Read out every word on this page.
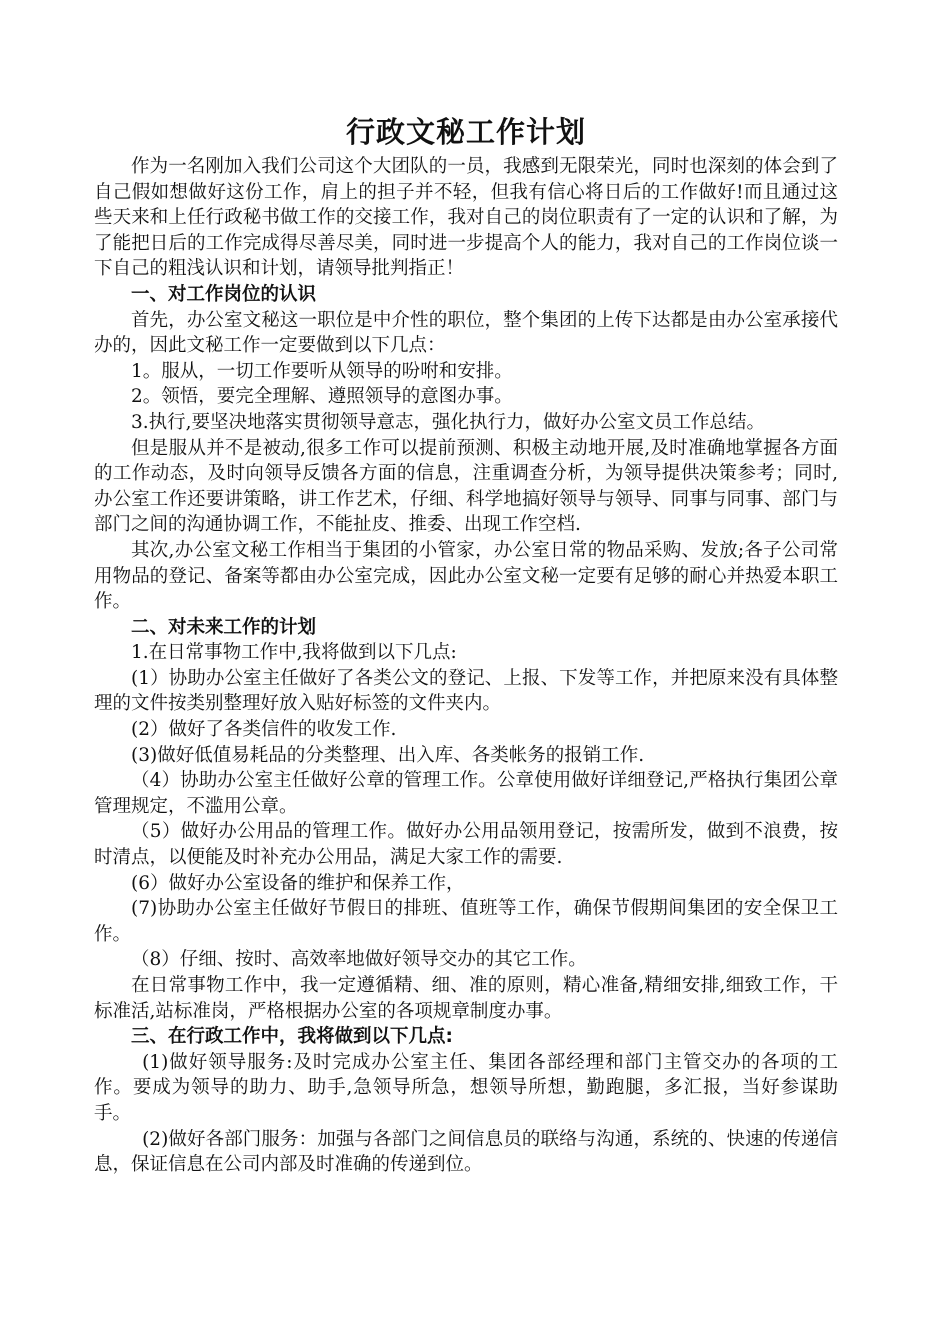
行政文秘工作计划

作为一名刚加入我们公司这个大团队的一员，我感到无限荣光，同时也深刻的体会到了自己假如想做好这份工作，肩上的担子并不轻，但我有信心将日后的工作做好!而且通过这些天来和上任行政秘书做工作的交接工作，我对自己的岗位职责有了一定的认识和了解，为了能把日后的工作完成得尽善尽美，同时进一步提高个人的能力，我对自己的工作岗位谈一下自己的粗浅认识和计划，请领导批判指正！

一、对工作岗位的认识

首先，办公室文秘这一职位是中介性的职位，整个集团的上传下达都是由办公室承接代办的，因此文秘工作一定要做到以下几点：

1。服从，一切工作要听从领导的吩咐和安排。

2。领悟，要完全理解、遵照领导的意图办事。

3.执行,要坚决地落实贯彻领导意志，强化执行力，做好办公室文员工作总结。

但是服从并不是被动,很多工作可以提前预测、积极主动地开展,及时准确地掌握各方面的工作动态，及时向领导反馈各方面的信息，注重调查分析，为领导提供决策参考；同时,办公室工作还要讲策略，讲工作艺术，仔细、科学地搞好领导与领导、同事与同事、部门与部门之间的沟通协调工作，不能扯皮、推委、出现工作空档.

其次,办公室文秘工作相当于集团的小管家，办公室日常的物品采购、发放;各子公司常用物品的登记、备案等都由办公室完成，因此办公室文秘一定要有足够的耐心并热爱本职工作。

二、对未来工作的计划

1.在日常事物工作中,我将做到以下几点:

(1）协助办公室主任做好了各类公文的登记、上报、下发等工作，并把原来没有具体整理的文件按类别整理好放入贴好标签的文件夹内。

(2）做好了各类信件的收发工作.

(3)做好低值易耗品的分类整理、出入库、各类帐务的报销工作.

（4）协助办公室主任做好公章的管理工作。公章使用做好详细登记,严格执行集团公章管理规定，不滥用公章。

（5）做好办公用品的管理工作。做好办公用品领用登记，按需所发，做到不浪费，按时清点，以便能及时补充办公用品，满足大家工作的需要.

(6）做好办公室设备的维护和保养工作，

(7)协助办公室主任做好节假日的排班、值班等工作，确保节假期间集团的安全保卫工作。

（8）仔细、按时、高效率地做好领导交办的其它工作。

在日常事物工作中，我一定遵循精、细、准的原则，精心准备,精细安排,细致工作，干标准活,站标准岗，严格根据办公室的各项规章制度办事。

三、在行政工作中，我将做到以下几点:

(1)做好领导服务:及时完成办公室主任、集团各部经理和部门主管交办的各项的工作。要成为领导的助力、助手,急领导所急，想领导所想，勤跑腿，多汇报，当好参谋助手。

(2)做好各部门服务：加强与各部门之间信息员的联络与沟通，系统的、快速的传递信息，保证信息在公司内部及时准确的传递到位。
